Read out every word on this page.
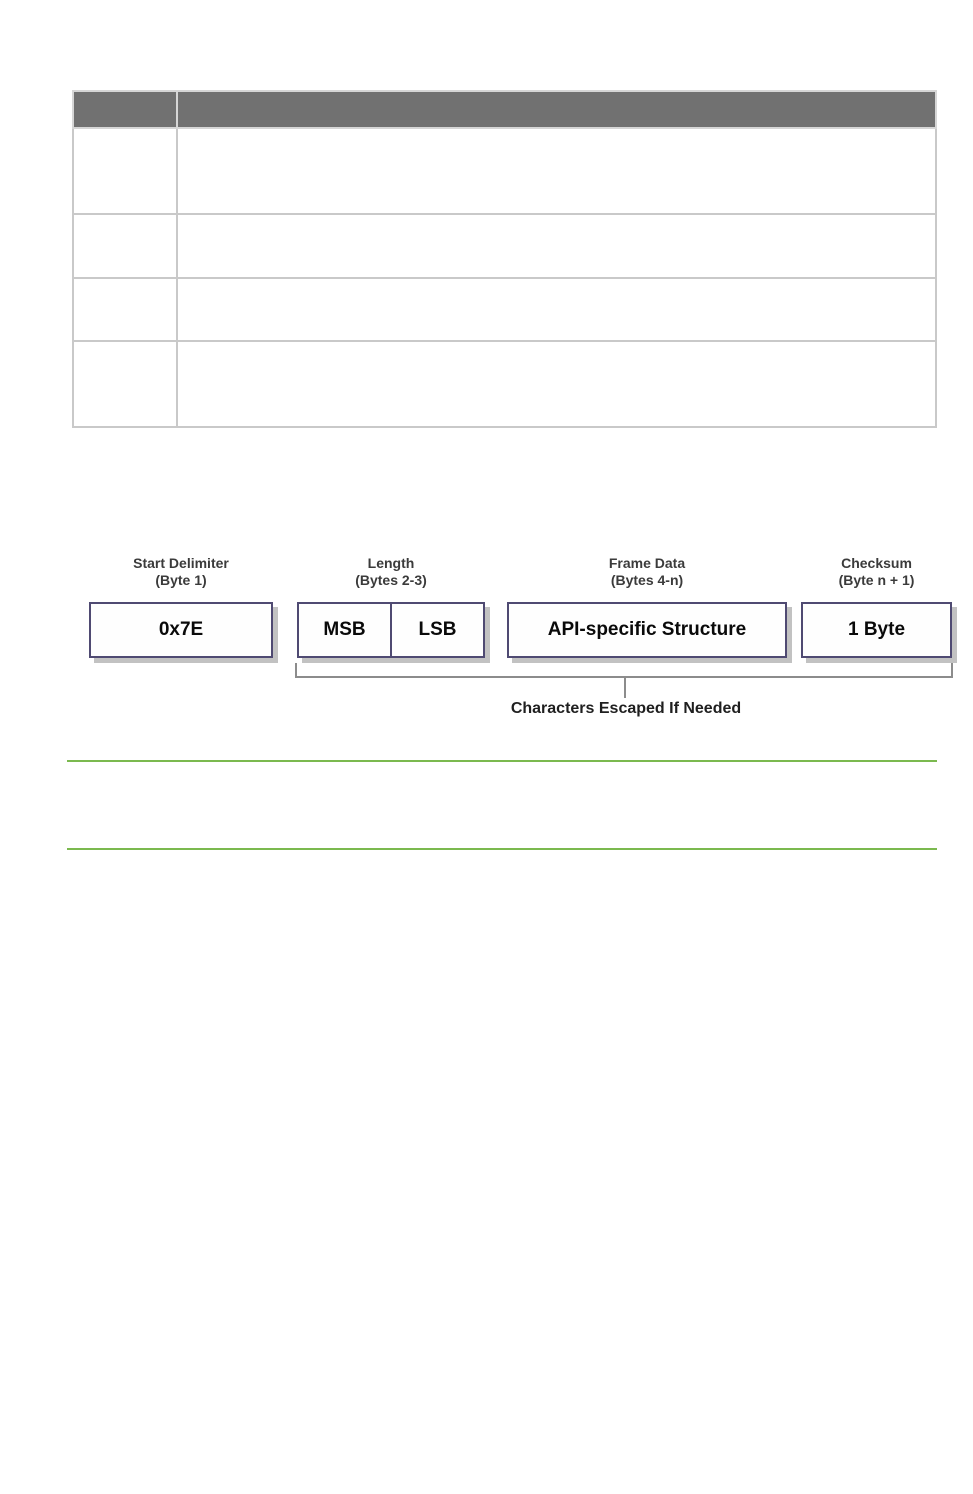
Start Delimiter
(Byte 1)
Length
(Bytes 2-3)
Frame Data
(Bytes 4-n)
Checksum
(Byte n + 1)
0x7E	MSB	LSB	API-specific Structure	1 Byte
Characters Escaped If Needed
